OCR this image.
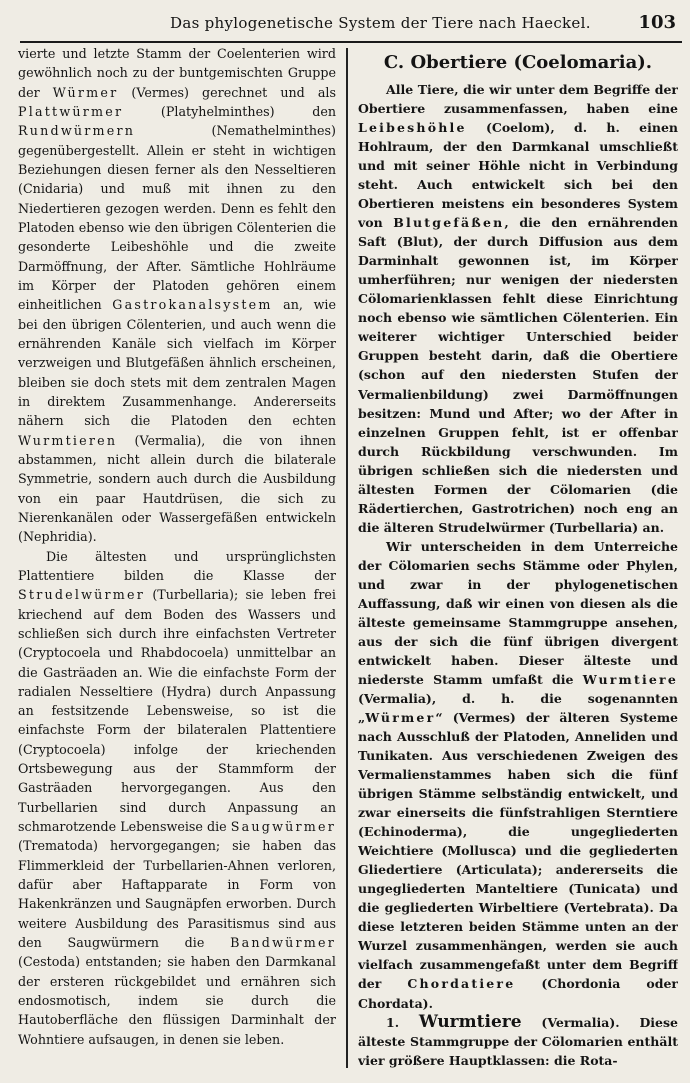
Das phylogenetische System der Tiere nach Haeckel.	103

vierte und letzte Stamm der Coelenterien wird gewöhnlich noch zu der buntgemischten Gruppe der Würmer (Vermes) gerechnet und als Plattwürmer (Platyhelminthes) den Rundwürmern (Nemathelminthes) gegenübergestellt. Allein er steht in wichtigen Beziehungen diesen ferner als den Nesseltieren (Cnidaria) und muß mit ihnen zu den Niedertieren gezogen werden. Denn es fehlt den Platoden ebenso wie den übrigen Cölenterien die gesonderte Leibeshöhle und die zweite Darmöffnung, der After. Sämtliche Hohlräume im Körper der Platoden gehören einem einheitlichen Gastrokanalsystem an, wie bei den übrigen Cölenterien, und auch wenn die ernährenden Kanäle sich vielfach im Körper verzweigen und Blutgefäßen ähnlich erscheinen, bleiben sie doch stets mit dem zentralen Magen in direktem Zusammenhange. Andererseits nähern sich die Platoden den echten Wurmtieren (Vermalia), die von ihnen abstammen, nicht allein durch die bilaterale Symmetrie, sondern auch durch die Ausbildung von ein paar Hautdrüsen, die sich zu Nierenkanälen oder Wassergefäßen entwickeln (Nephridia).

Die ältesten und ursprünglichsten Plattentiere bilden die Klasse der Strudelwürmer (Turbellaria); sie leben frei kriechend auf dem Boden des Wassers und schließen sich durch ihre einfachsten Vertreter (Cryptocoela und Rhabdocoela) unmittelbar an die Gasträaden an. Wie die einfachste Form der radialen Nesseltiere (Hydra) durch Anpassung an festsitzende Lebensweise, so ist die einfachste Form der bilateralen Plattentiere (Cryptocoela) infolge der kriechenden Ortsbewegung aus der Stammform der Gasträaden hervorgegangen. Aus den Turbellarien sind durch Anpassung an schmarotzende Lebensweise die Saugwürmer (Trematoda) hervorgegangen; sie haben das Flimmerkleid der Turbellarien-Ahnen verloren, dafür aber Haftapparate in Form von Hakenkränzen und Saugnäpfen erworben. Durch weitere Ausbildung des Parasitismus sind aus den Saugwürmern die Bandwürmer (Cestoda) entstanden; sie haben den Darmkanal der ersteren rückgebildet und ernähren sich endosmotisch, indem sie durch die Hautoberfläche den flüssigen Darminhalt der Wohntiere aufsaugen, in denen sie leben.

C. Obertiere (Coelomaria).

Alle Tiere, die wir unter dem Begriffe der Obertiere zusammenfassen, haben eine Leibeshöhle (Coelom), d. h. einen Hohlraum, der den Darmkanal umschließt und mit seiner Höhle nicht in Verbindung steht. Auch entwickelt sich bei den Obertieren meistens ein besonderes System von Blutgefäßen, die den ernährenden Saft (Blut), der durch Diffusion aus dem Darminhalt gewonnen ist, im Körper umherführen; nur wenigen der niedersten Cölomarienklassen fehlt diese Einrichtung noch ebenso wie sämtlichen Cölenterien. Ein weiterer wichtiger Unterschied beider Gruppen besteht darin, daß die Obertiere (schon auf den niedersten Stufen der Vermalienbildung) zwei Darmöffnungen besitzen: Mund und After; wo der After in einzelnen Gruppen fehlt, ist er offenbar durch Rückbildung verschwunden. Im übrigen schließen sich die niedersten und ältesten Formen der Cölomarien (die Rädertierchen, Gastrotrichen) noch eng an die älteren Strudelwürmer (Turbellaria) an.

Wir unterscheiden in dem Unterreiche der Cölomarien sechs Stämme oder Phylen, und zwar in der phylogenetischen Auffassung, daß wir einen von diesen als die älteste gemeinsame Stammgruppe ansehen, aus der sich die fünf übrigen divergent entwickelt haben. Dieser älteste und niederste Stamm umfaßt die Wurmtiere (Vermalia), d. h. die sogenannten „Würmer“ (Vermes) der älteren Systeme nach Ausschluß der Platoden, Anneliden und Tunikaten. Aus verschiedenen Zweigen des Vermalienstammes haben sich die fünf übrigen Stämme selbständig entwickelt, und zwar einerseits die fünfstrahligen Sterntiere (Echinoderma), die ungegliederten Weichtiere (Mollusca) und die gegliederten Gliedertiere (Articulata); andererseits die ungegliederten Manteltiere (Tunicata) und die gegliederten Wirbeltiere (Vertebrata). Da diese letzteren beiden Stämme unten an der Wurzel zusammenhängen, werden sie auch vielfach zusammengefaßt unter dem Begriff der Chordatiere (Chordonia oder Chordata).

1. Wurmtiere (Vermalia). Diese älteste Stammgruppe der Cölomarien enthält vier größere Hauptklassen: die Rota-
